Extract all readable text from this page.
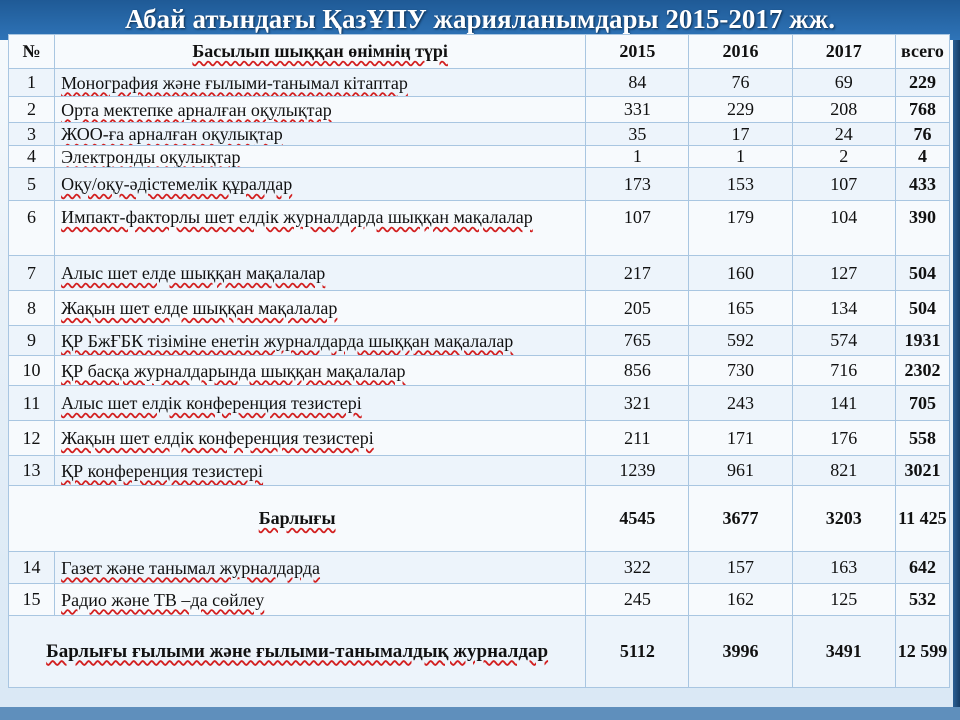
Абай атындағы ҚазҰПУ жарияланымдары 2015-2017 жж.
№	Басылып шыққан өнімнің түрі	2015	2016	2017	всего
1	Монография және ғылыми-танымал кітаптар	84	76	69	229
2	Орта мектепке арналған оқулықтар	331	229	208	768
3	ЖОО-ға арналған оқулықтар	35	17	24	76
4	Электронды оқулықтар	1	1	2	4
5	Оқу/оқу-әдістемелік құралдар	173	153	107	433
6	Импакт-факторлы шет елдік журналдарда шыққан мақалалар	107	179	104	390
7	Алыс шет елде шыққан мақалалар	217	160	127	504
8	Жақын шет елде шыққан мақалалар	205	165	134	504
9	ҚР БжҒБК тізіміне енетін журналдарда шыққан мақалалар	765	592	574	1931
10	ҚР басқа журналдарында шыққан мақалалар	856	730	716	2302
11	Алыс шет елдік конференция тезистері	321	243	141	705
12	Жақын шет елдік конференция тезистері	211	171	176	558
13	ҚР конференция тезистері	1239	961	821	3021
Барлығы		4545	3677	3203	11 425
14	Газет және танымал журналдарда	322	157	163	642
15	Радио және ТВ –да сөйлеу	245	162	125	532
Барлығы ғылыми және ғылыми-танымалдық журналдар		5112	3996	3491	12 599
